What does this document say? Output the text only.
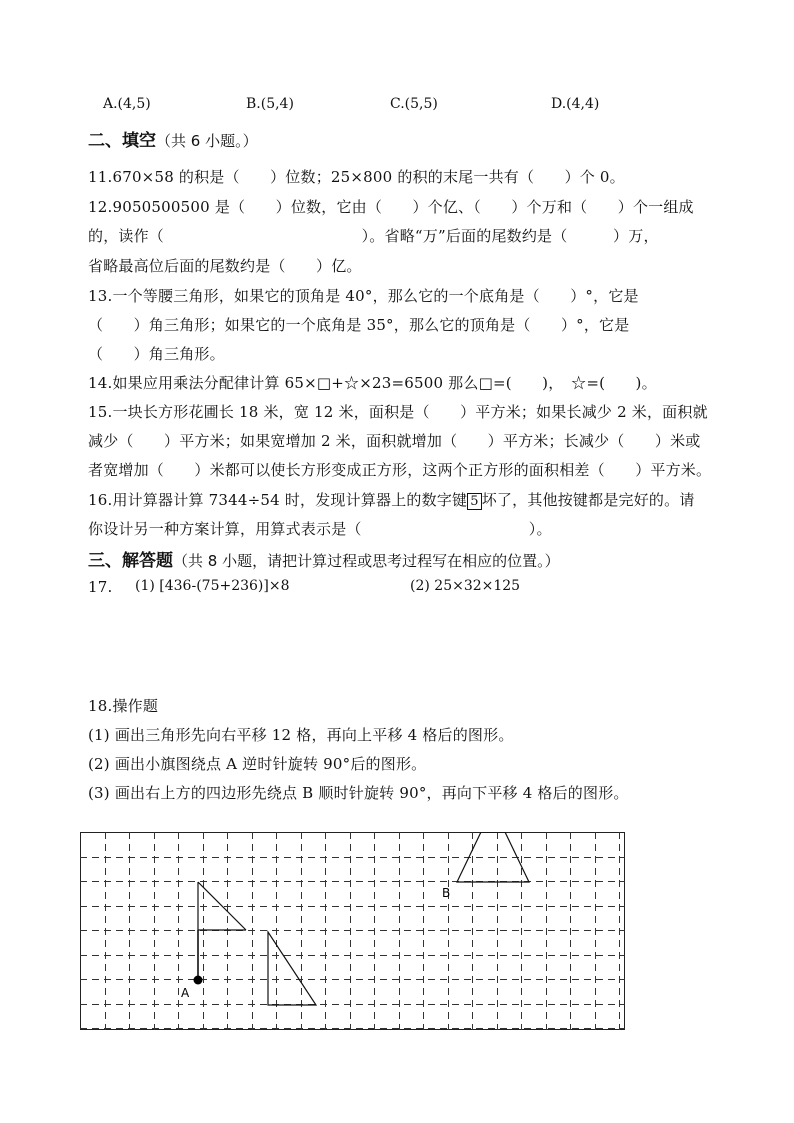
A.(4,5)	B.(5,4)	C.(5,5)	D.(4,4)
二、填空（共 6 小题。）
11.670×58 的积是（　　）位数；25×800 的积的末尾一共有（　　）个 0。
12.9050500500 是（　　）位数，它由（　　）个亿、（　　）个万和（　　）个一组成
的，读作（　　　　　　　　　　　　　）。省略“万”后面的尾数约是（　　　）万，
省略最高位后面的尾数约是（　　）亿。
13.一个等腰三角形，如果它的顶角是 40°，那么它的一个底角是（　　）°，它是
（　　）角三角形；如果它的一个底角是 35°，那么它的顶角是（　　）°，它是
（　　）角三角形。
14.如果应用乘法分配律计算 65×□+☆×23=6500 那么□=(　　)，　☆=(　　)。
15.一块长方形花圃长 18 米，宽 12 米，面积是（　　）平方米；如果长减少 2 米，面积就
减少（　　）平方米；如果宽增加 2 米，面积就增加（　　）平方米；长减少（　　）米或
者宽增加（　　）米都可以使长方形变成正方形，这两个正方形的面积相差（　　）平方米。
16.用计算器计算 7344÷54 时，发现计算器上的数字键 5 坏了，其他按键都是完好的。请
你设计另一种方案计算，用算式表示是（　　　　　　　　　　　）。
三、解答题（共 8 小题，请把计算过程或思考过程写在相应的位置。）
17. (1) [436-(75+236)]×8	(2) 25×32×125
18.操作题
(1) 画出三角形先向右平移 12 格，再向上平移 4 格后的图形。
(2) 画出小旗图绕点 A 逆时针旋转 90°后的图形。
(3) 画出右上方的四边形先绕点 B 顺时针旋转 90°，再向下平移 4 格后的图形。
A
B
